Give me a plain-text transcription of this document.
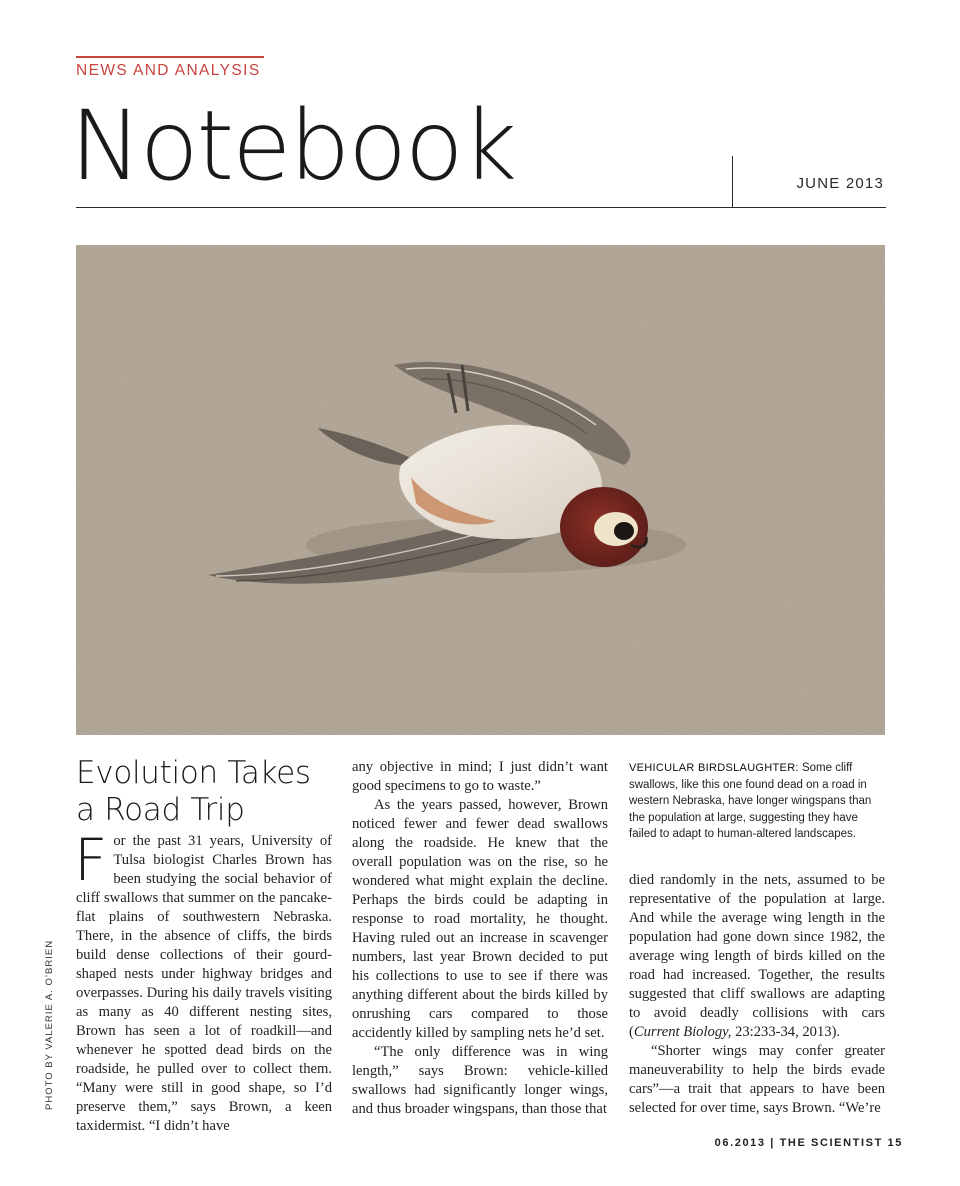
NEWS AND ANALYSIS
Notebook	JUNE 2013
PHOTO BY VALERIE A. O’BRIEN
Evolution Takes a Road Trip

For the past 31 years, University of Tulsa biologist Charles Brown has been studying the social behavior of cliff swallows that summer on the pancake-flat plains of southwestern Nebraska. There, in the absence of cliffs, the birds build dense collections of their gourd-shaped nests under highway bridges and overpasses. During his daily travels visiting as many as 40 different nesting sites, Brown has seen a lot of roadkill—and whenever he spotted dead birds on the roadside, he pulled over to collect them. “Many were still in good shape, so I’d preserve them,” says Brown, a keen taxidermist. “I didn’t have

any objective in mind; I just didn’t want good specimens to go to waste.”

As the years passed, however, Brown noticed fewer and fewer dead swallows along the roadside. He knew that the overall population was on the rise, so he wondered what might explain the decline. Perhaps the birds could be adapting in response to road mortality, he thought. Having ruled out an increase in scavenger numbers, last year Brown decided to put his collections to use to see if there was anything different about the birds killed by onrushing cars compared to those accidently killed by sampling nets he’d set.

“The only difference was in wing length,” says Brown: vehicle-killed swallows had significantly longer wings, and thus broader wingspans, than those that

VEHICULAR BIRDSLAUGHTER: Some cliff swallows, like this one found dead on a road in western Nebraska, have longer wingspans than the population at large, suggesting they have failed to adapt to human-altered landscapes.

died randomly in the nets, assumed to be representative of the population at large. And while the average wing length in the population had gone down since 1982, the average wing length of birds killed on the road had increased. Together, the results suggested that cliff swallows are adapting to avoid deadly collisions with cars (Current Biology, 23:233-34, 2013).

“Shorter wings may confer greater maneuverability to help the birds evade cars”—a trait that appears to have been selected for over time, says Brown. “We’re

06.2013 | THE SCIENTIST 15
